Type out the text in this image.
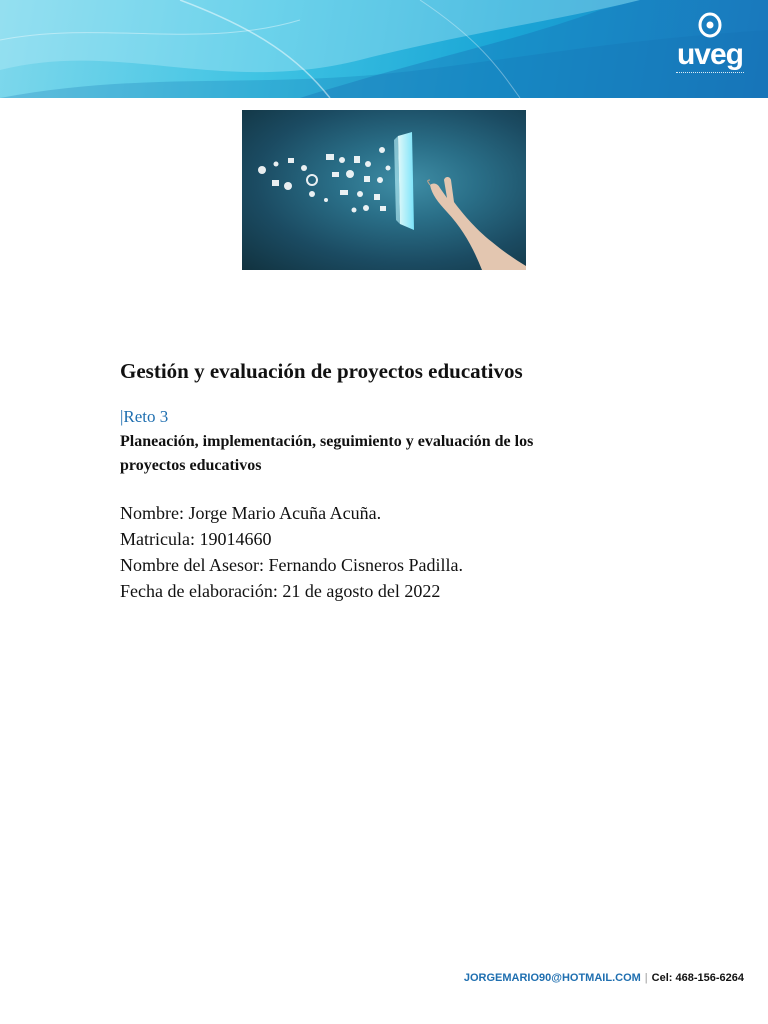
uveg
Gestión y evaluación de proyectos educativos
|Reto 3
Planeación, implementación, seguimiento y evaluación de los proyectos educativos
Nombre: Jorge Mario Acuña Acuña.
Matricula: 19014660
Nombre del Asesor: Fernando Cisneros Padilla.
Fecha de elaboración: 21 de agosto del 2022
JORGEMARIO90@HOTMAIL.COM | Cel: 468-156-6264
